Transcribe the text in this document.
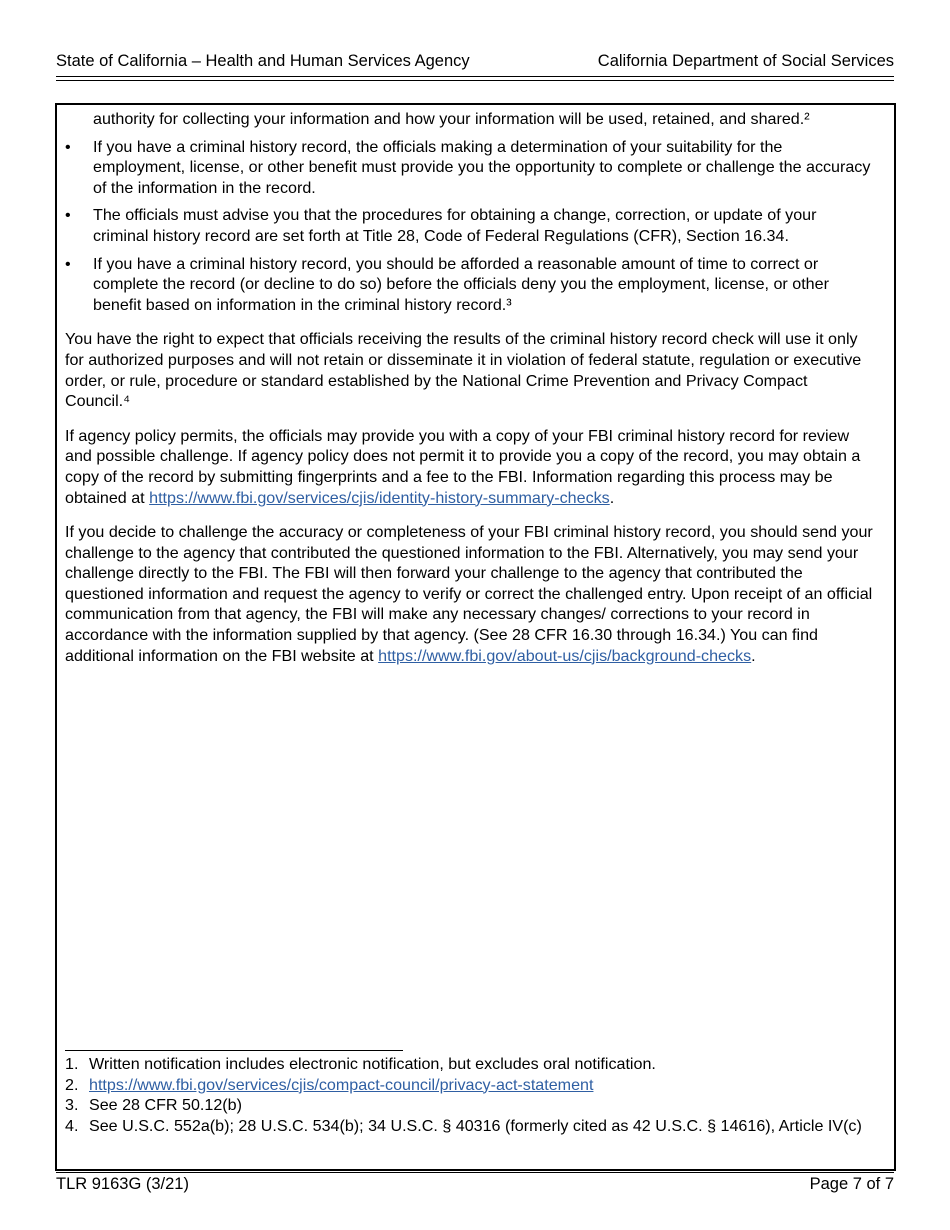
State of California – Health and Human Services Agency	California Department of Social Services
authority for collecting your information and how your information will be used, retained, and shared.²
• If you have a criminal history record, the officials making a determination of your suitability for the employment, license, or other benefit must provide you the opportunity to complete or challenge the accuracy of the information in the record.
• The officials must advise you that the procedures for obtaining a change, correction, or update of your criminal history record are set forth at Title 28, Code of Federal Regulations (CFR), Section 16.34.
• If you have a criminal history record, you should be afforded a reasonable amount of time to correct or complete the record (or decline to do so) before the officials deny you the employment, license, or other benefit based on information in the criminal history record.³

You have the right to expect that officials receiving the results of the criminal history record check will use it only for authorized purposes and will not retain or disseminate it in violation of federal statute, regulation or executive order, or rule, procedure or standard established by the National Crime Prevention and Privacy Compact Council.⁴

If agency policy permits, the officials may provide you with a copy of your FBI criminal history record for review and possible challenge. If agency policy does not permit it to provide you a copy of the record, you may obtain a copy of the record by submitting fingerprints and a fee to the FBI. Information regarding this process may be obtained at https://www.fbi.gov/services/cjis/identity-history-summary-checks.

If you decide to challenge the accuracy or completeness of your FBI criminal history record, you should send your challenge to the agency that contributed the questioned information to the FBI. Alternatively, you may send your challenge directly to the FBI. The FBI will then forward your challenge to the agency that contributed the questioned information and request the agency to verify or correct the challenged entry. Upon receipt of an official communication from that agency, the FBI will make any necessary changes/ corrections to your record in accordance with the information supplied by that agency. (See 28 CFR 16.30 through 16.34.) You can find additional information on the FBI website at https://www.fbi.gov/about-us/cjis/background-checks.

1. Written notification includes electronic notification, but excludes oral notification.
2. https://www.fbi.gov/services/cjis/compact-council/privacy-act-statement
3. See 28 CFR 50.12(b)
4. See U.S.C. 552a(b); 28 U.S.C. 534(b); 34 U.S.C. § 40316 (formerly cited as 42 U.S.C. § 14616), Article IV(c)
TLR 9163G (3/21)	Page 7 of 7
